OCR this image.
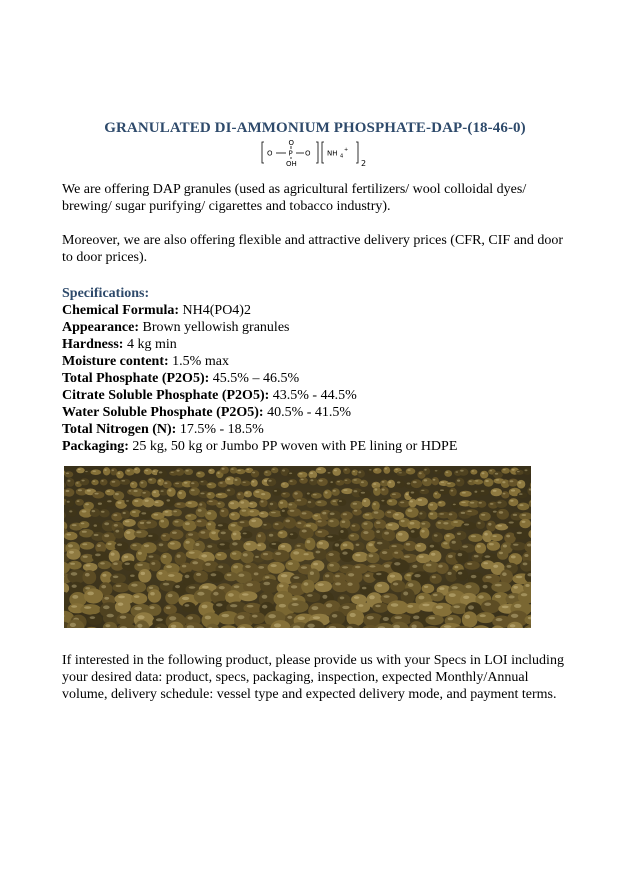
GRANULATED DI-AMMONIUM PHOSPHATE-DAP-(18-46-0)
O
O P O
OH
NH 4
+
2

We are offering DAP granules (used as agricultural fertilizers/ wool colloidal dyes/ brewing/ sugar purifying/ cigarettes and tobacco industry).

Moreover, we are also offering flexible and attractive delivery prices (CFR, CIF and door to door prices).

Specifications:
Chemical Formula: NH4(PO4)2
Appearance: Brown yellowish granules
Hardness: 4 kg min
Moisture content: 1.5% max
Total Phosphate (P2O5): 45.5% – 46.5%
Citrate Soluble Phosphate (P2O5): 43.5% - 44.5%
Water Soluble Phosphate (P2O5): 40.5% - 41.5%
Total Nitrogen (N): 17.5% - 18.5%
Packaging: 25 kg, 50 kg or Jumbo PP woven with PE lining or HDPE

If interested in the following product, please provide us with your Specs in LOI including your desired data: product, specs, packaging, inspection, expected Monthly/Annual volume, delivery schedule: vessel type and expected delivery mode, and payment terms.
